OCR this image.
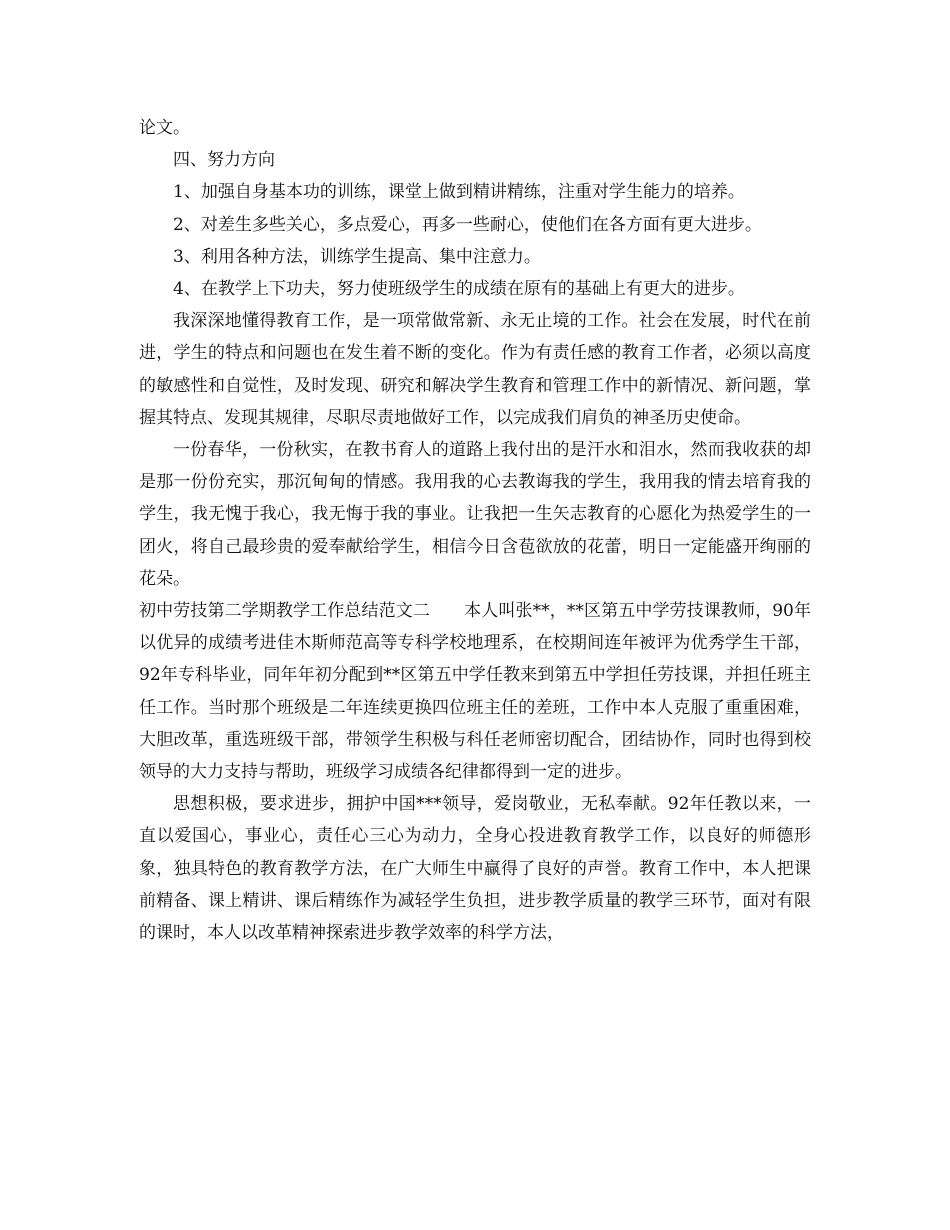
论文。

四、努力方向

1、加强自身基本功的训练，课堂上做到精讲精练，注重对学生能力的培养。

2、对差生多些关心，多点爱心，再多一些耐心，使他们在各方面有更大进步。

3、利用各种方法，训练学生提高、集中注意力。

4、在教学上下功夫，努力使班级学生的成绩在原有的基础上有更大的进步。

我深深地懂得教育工作，是一项常做常新、永无止境的工作。社会在发展，时代在前进，学生的特点和问题也在发生着不断的变化。作为有责任感的教育工作者，必须以高度的敏感性和自觉性，及时发现、研究和解决学生教育和管理工作中的新情况、新问题，掌握其特点、发现其规律，尽职尽责地做好工作，以完成我们肩负的神圣历史使命。

一份春华，一份秋实，在教书育人的道路上我付出的是汗水和泪水，然而我收获的却是那一份份充实，那沉甸甸的情感。我用我的心去教诲我的学生，我用我的情去培育我的学生，我无愧于我心，我无悔于我的事业。让我把一生矢志教育的心愿化为热爱学生的一团火，将自己最珍贵的爱奉献给学生，相信今日含苞欲放的花蕾，明日一定能盛开绚丽的花朵。

初中劳技第二学期教学工作总结范文二　　本人叫张**，**区第五中学劳技课教师，90年以优异的成绩考进佳木斯师范高等专科学校地理系，在校期间连年被评为优秀学生干部，92年专科毕业，同年年初分配到**区第五中学任教来到第五中学担任劳技课，并担任班主任工作。当时那个班级是二年连续更换四位班主任的差班，工作中本人克服了重重困难，大胆改革，重选班级干部，带领学生积极与科任老师密切配合，团结协作，同时也得到校领导的大力支持与帮助，班级学习成绩各纪律都得到一定的进步。

思想积极，要求进步，拥护中国***领导，爱岗敬业，无私奉献。92年任教以来，一直以爱国心，事业心，责任心三心为动力，全身心投进教育教学工作，以良好的师德形象，独具特色的教育教学方法，在广大师生中赢得了良好的声誉。教育工作中，本人把课前精备、课上精讲、课后精练作为减轻学生负担，进步教学质量的教学三环节，面对有限的课时，本人以改革精神探索进步教学效率的科学方法，
